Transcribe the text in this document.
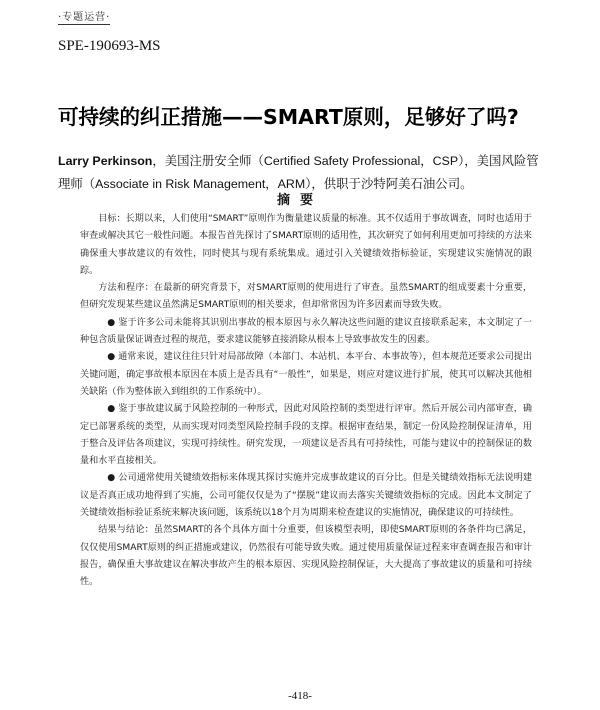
·专题运营·
SPE-190693-MS
可持续的纠正措施——SMART原则，足够好了吗?
Larry Perkinson，美国注册安全师（Certified Safety Professional，CSP），美国风险管理师（Associate in Risk Management，ARM），供职于沙特阿美石油公司。
摘要

目标：长期以来，人们使用“SMART”原则作为衡量建议质量的标准。其不仅适用于事故调查，同时也适用于审查或解决其它一般性问题。本报告首先探讨了SMART原则的适用性，其次研究了如何利用更加可持续的方法来确保重大事故建议的有效性，同时使其与现有系统集成。通过引入关键绩效指标验证，实现建议实施情况的跟踪。

方法和程序：在最新的研究背景下，对SMART原则的使用进行了审查。虽然SMART的组成要素十分重要，但研究发现某些建议虽然满足SMART原则的相关要求，但却常常因为许多因素而导致失败。

● 鉴于许多公司未能将其识别出事故的根本原因与永久解决这些问题的建议直接联系起来，本文制定了一种包含质量保证调查过程的规范，要求建议能够直接消除从根本上导致事故发生的因素。

● 通常来说，建议往往只针对局部故障（本部门、本站机、本平台、本事故等），但本规范还要求公司提出关键问题，确定事故根本原因在本质上是否具有“一般性”，如果是，则应对建议进行扩展，使其可以解决其他相关缺陷（作为整体嵌入到组织的工作系统中）。

● 鉴于事故建议属于风险控制的一种形式，因此对风险控制的类型进行评审。然后开展公司内部审查，确定已部署系统的类型，从而实现对同类型风险控制手段的支撑。根据审查结果，制定一份风险控制保证清单，用于整合及评估各项建议，实现可持续性。研究发现，一项建议是否具有可持续性，可能与建议中的控制保证的数量和水平直接相关。

● 公司通常使用关键绩效指标来体现其探讨实施并完成事故建议的百分比。但是关键绩效指标无法说明建议是否真正成功地得到了实施，公司可能仅仅是为了“摆脱”建议而去落实关键绩效指标的完成。因此本文制定了关键绩效指标验证系统来解决该问题，该系统以18个月为周期来检查建议的实施情况，确保建议的可持续性。

结果与结论：虽然SMART的各个具体方面十分重要，但该模型表明，即使SMART原则的各条件均已满足，仅仅使用SMART原则的纠正措施或建议，仍然很有可能导致失败。通过使用质量保证过程来审查调查报告和审计报告，确保重大事故建议在解决事故产生的根本原因、实现风险控制保证，大大提高了事故建议的质量和可持续性。

-418-
